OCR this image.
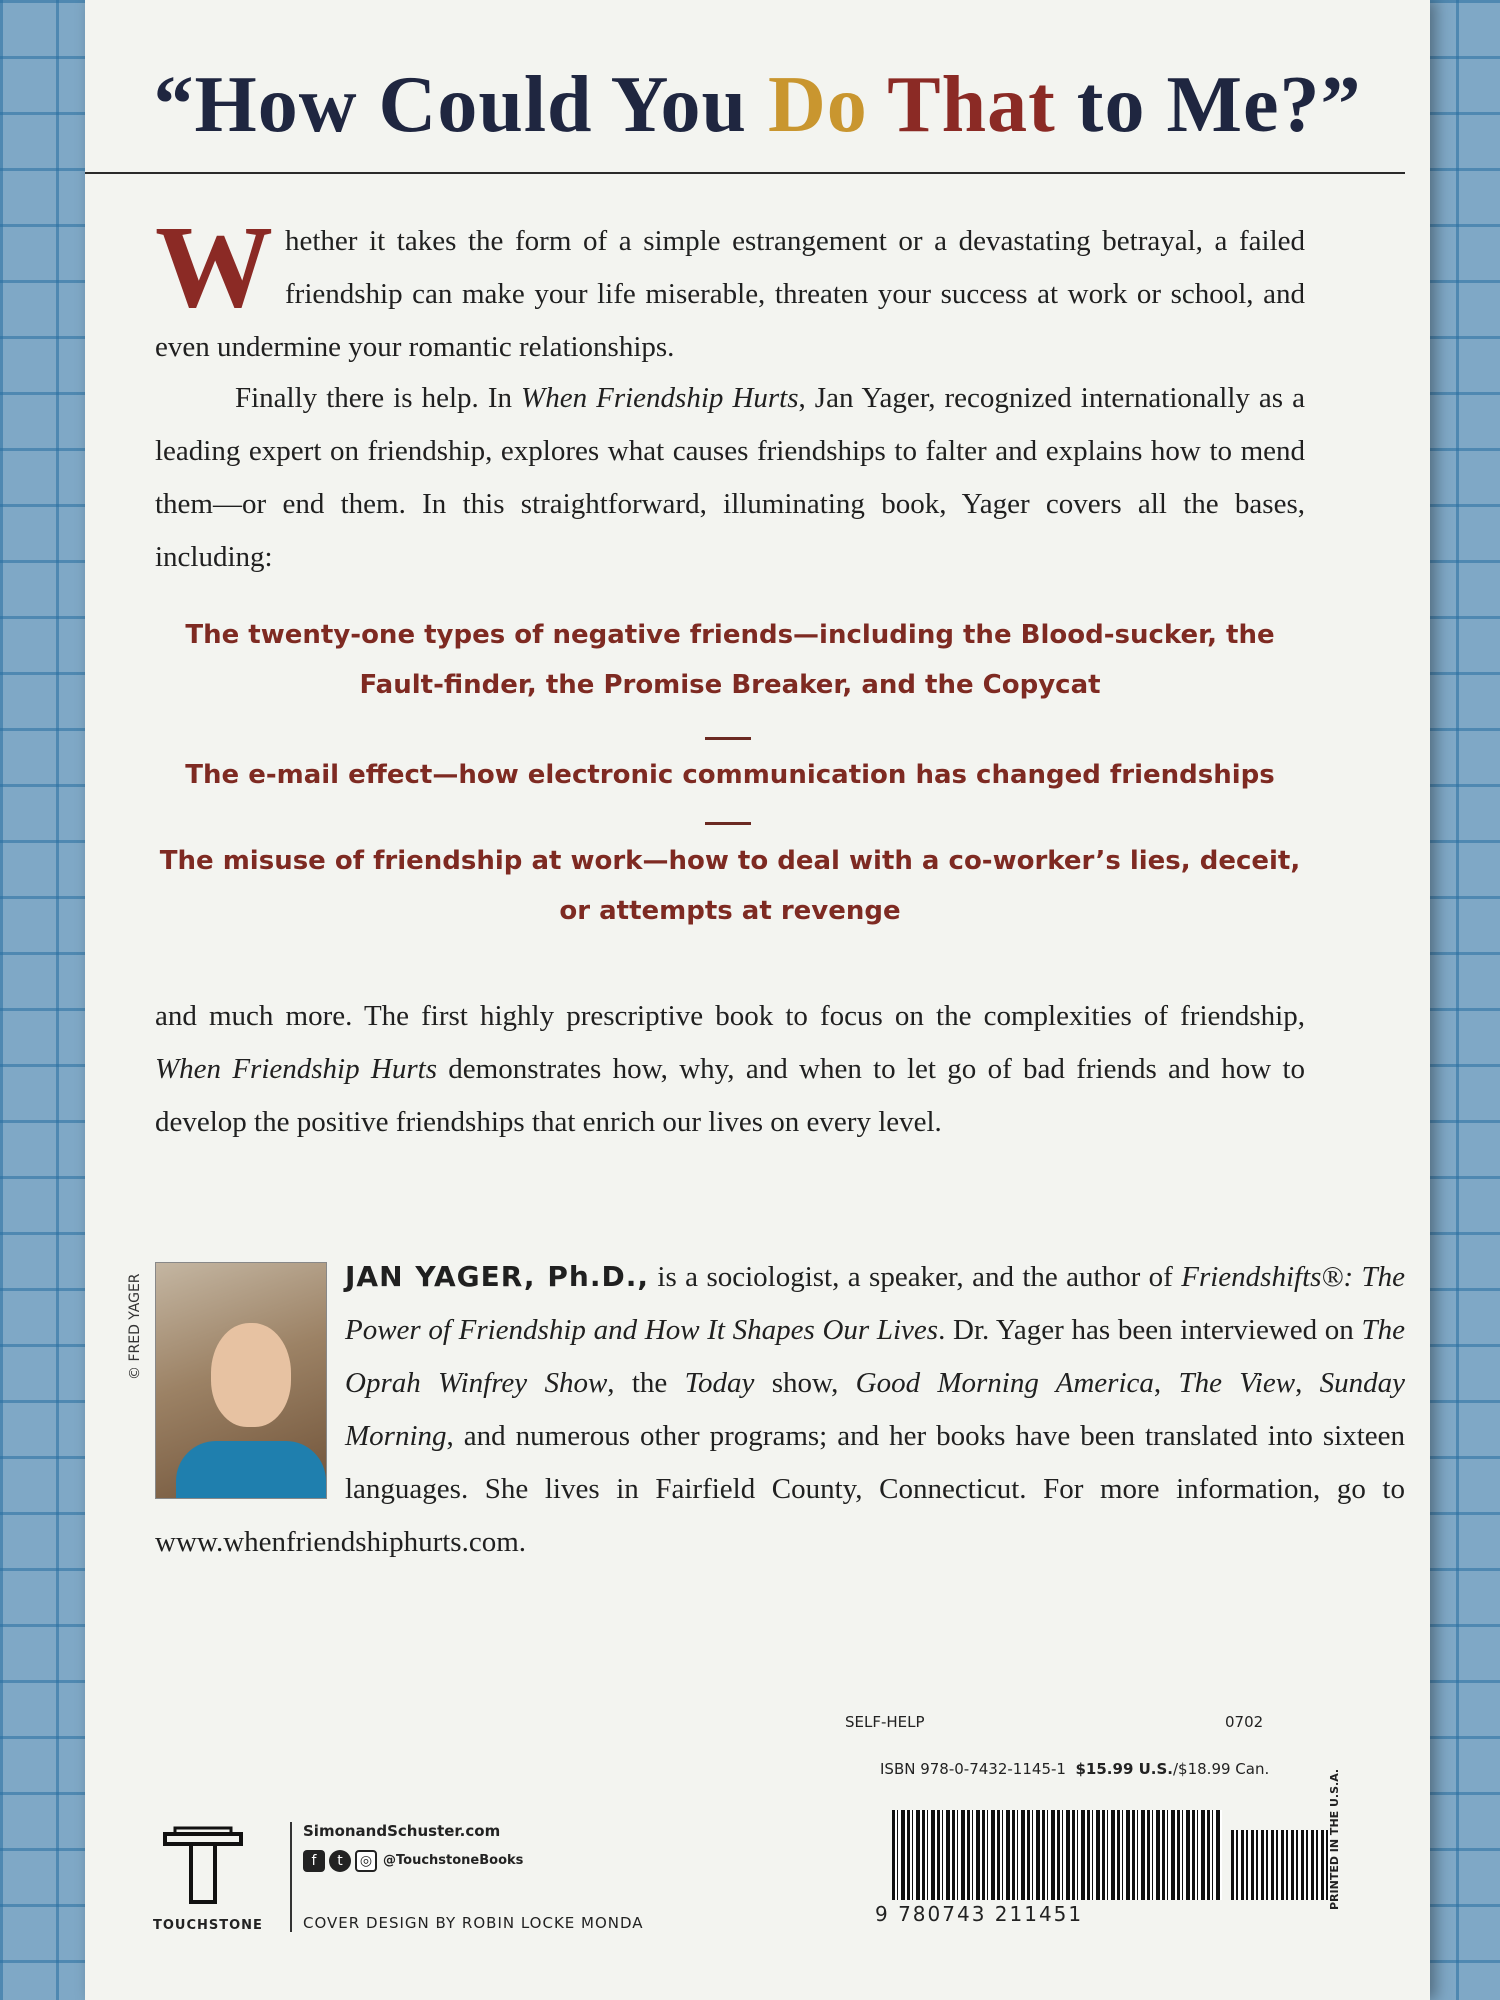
“How Could You Do That to Me?”
Whether it takes the form of a simple estrangement or a devastating betrayal, a failed friendship can make your life miserable, threaten your success at work or school, and even undermine your romantic relationships.
Finally there is help. In When Friendship Hurts, Jan Yager, recognized internationally as a leading expert on friendship, explores what causes friendships to falter and explains how to mend them—or end them. In this straightforward, illuminating book, Yager covers all the bases, including:
The twenty-one types of negative friends—including the Blood-sucker, the Fault-finder, the Promise Breaker, and the Copycat
The e-mail effect—how electronic communication has changed friendships
The misuse of friendship at work—how to deal with a co-worker’s lies, deceit, or attempts at revenge
and much more. The first highly prescriptive book to focus on the complexities of friendship, When Friendship Hurts demonstrates how, why, and when to let go of bad friends and how to develop the positive friendships that enrich our lives on every level.
JAN YAGER, Ph.D., is a sociologist, a speaker, and the author of Friendshifts®: The Power of Friendship and How It Shapes Our Lives. Dr. Yager has been interviewed on The Oprah Winfrey Show, the Today show, Good Morning America, The View, Sunday Morning, and numerous other programs; and her books have been translated into sixteen languages. She lives in Fairfield County, Connecticut. For more information, go to www.whenfriendshiphurts.com.
© FRED YAGER
SELF-HELP	0702
ISBN 978-0-7432-1145-1 $15.99 U.S./$18.99 Can.
9 780743 211451
PRINTED IN THE U.S.A.
TOUCHSTONE
SimonandSchuster.com
f	t	◎ @TouchstoneBooks
COVER DESIGN BY ROBIN LOCKE MONDA
